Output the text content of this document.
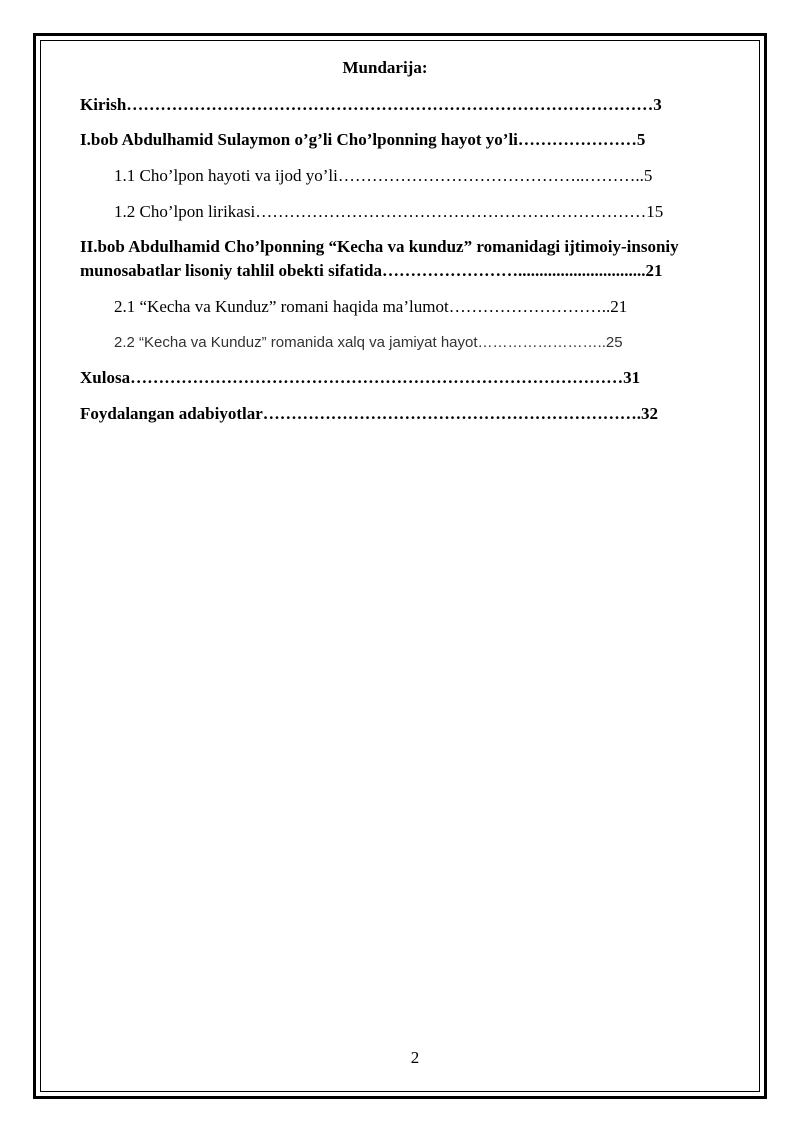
Mundarija:
Kirish…………………………………………………………………………………3
I.bob Abdulhamid Sulaymon o’g’li Cho’lponning hayot yo’li…………………5
1.1 Cho’lpon hayoti va ijod yo’li……………………………………..………..5
1.2 Cho’lpon lirikasi……………………………………………………………15
II.bob Abdulhamid Cho’lponning “Kecha va kunduz” romanidagi ijtimoiy-insoniy
munosabatlar lisoniy tahlil obekti sifatida……………………..............................21
2.1 “Kecha va Kunduz” romani haqida ma’lumot………………………..21
2.2 “Kecha va Kunduz” romanida xalq va jamiyat hayot……………………..25
Xulosa……………………………………………………………………………31
Foydalangan adabiyotlar………………………………………………………….32
2
